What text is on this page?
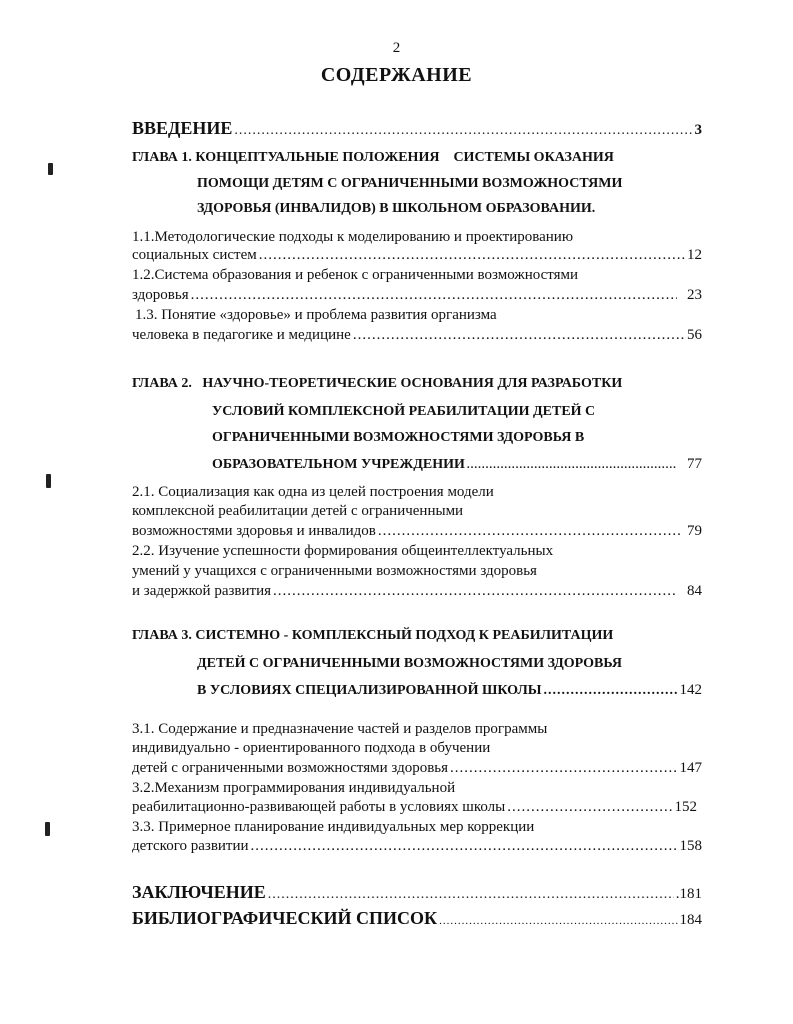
2
СОДЕРЖАНИЕ
ВВЕДЕНИЕ .....	3
ГЛАВА 1. КОНЦЕПТУАЛЬНЫЕ ПОЛОЖЕНИЯ    СИСТЕМЫ ОКАЗАНИЯ
ПОМОЩИ ДЕТЯМ С ОГРАНИЧЕННЫМИ ВОЗМОЖНОСТЯМИ
ЗДОРОВЬЯ (ИНВАЛИДОВ) В ШКОЛЬНОМ ОБРАЗОВАНИИ.
1.1.Методологические подходы к моделированию и проектированию
социальных систем .....	12
1.2.Система образования и ребенок с ограниченными возможностями
здоровья .....	23
1.3. Понятие «здоровье» и проблема развития организма
человека в педагогике и медицине .....	56
ГЛАВА 2.   НАУЧНО-ТЕОРЕТИЧЕСКИЕ ОСНОВАНИЯ ДЛЯ РАЗРАБОТКИ
УСЛОВИЙ КОМПЛЕКСНОЙ РЕАБИЛИТАЦИИ ДЕТЕЙ С
ОГРАНИЧЕННЫМИ ВОЗМОЖНОСТЯМИ ЗДОРОВЬЯ В
ОБРАЗОВАТЕЛЬНОМ УЧРЕЖДЕНИИ .....	77
2.1. Социализация как одна из целей построения модели
комплексной реабилитации детей с ограниченными
возможностями здоровья и инвалидов .....	79
2.2. Изучение успешности формирования общеинтеллектуальных
умений у учащихся с ограниченными возможностями здоровья
и задержкой развития .....	84
ГЛАВА 3. СИСТЕМНО - КОМПЛЕКСНЫЙ ПОДХОД К РЕАБИЛИТАЦИИ
ДЕТЕЙ С ОГРАНИЧЕННЫМИ ВОЗМОЖНОСТЯМИ ЗДОРОВЬЯ
В УСЛОВИЯХ СПЕЦИАЛИЗИРОВАННОЙ ШКОЛЫ .....	142
3.1. Содержание и предназначение частей и разделов программы
индивидуально - ориентированного подхода в обучении
детей с ограниченными возможностями здоровья .....	147
3.2.Механизм программирования индивидуальной
реабилитационно-развивающей работы в условиях школы .....	152
3.3. Примерное планирование индивидуальных мер коррекции
детского развитии .....	158
ЗАКЛЮЧЕНИЕ .....	.181
БИБЛИОГРАФИЧЕСКИЙ СПИСОК .....	184
